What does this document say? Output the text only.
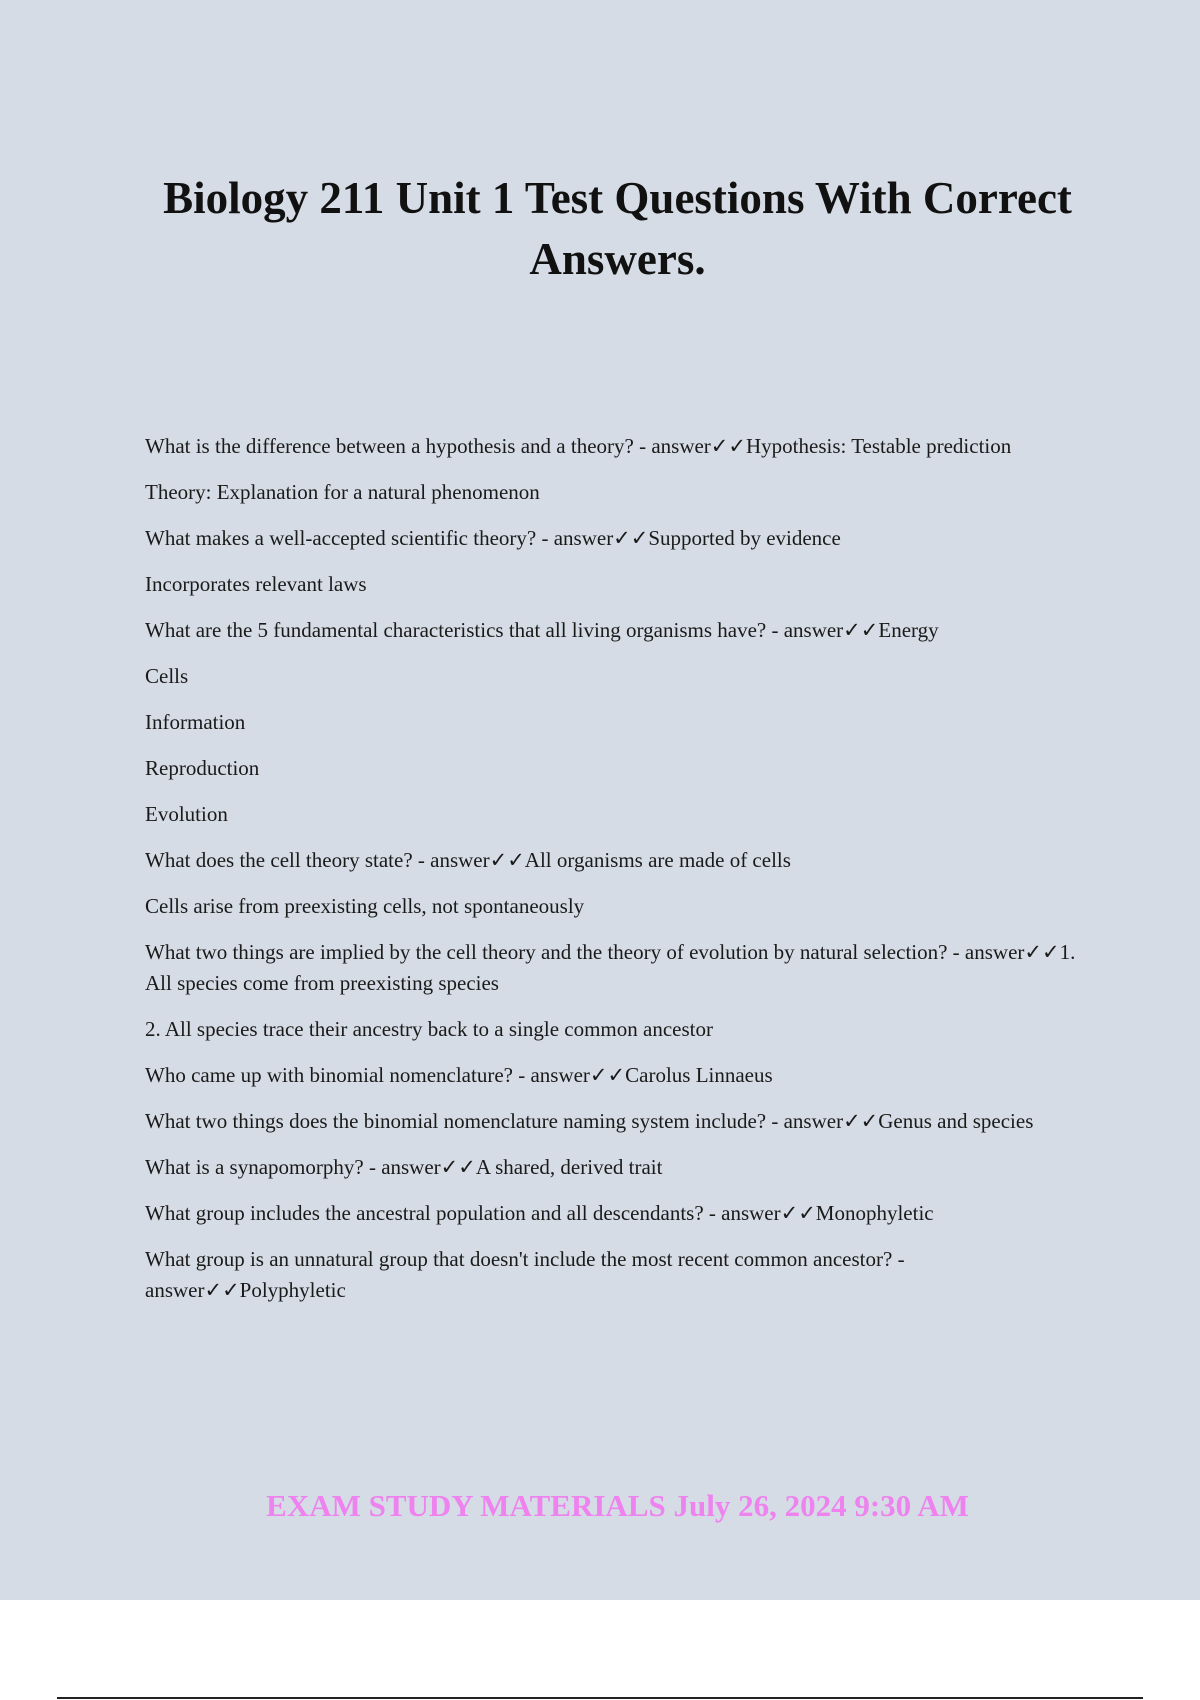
Biology 211 Unit 1 Test Questions With Correct Answers.
What is the difference between a hypothesis and a theory? - answer✓✓Hypothesis: Testable prediction
Theory: Explanation for a natural phenomenon
What makes a well-accepted scientific theory? - answer✓✓Supported by evidence
Incorporates relevant laws
What are the 5 fundamental characteristics that all living organisms have? - answer✓✓Energy
Cells
Information
Reproduction
Evolution
What does the cell theory state? - answer✓✓All organisms are made of cells
Cells arise from preexisting cells, not spontaneously
What two things are implied by the cell theory and the theory of evolution by natural selection? - answer✓✓1. All species come from preexisting species
2. All species trace their ancestry back to a single common ancestor
Who came up with binomial nomenclature? - answer✓✓Carolus Linnaeus
What two things does the binomial nomenclature naming system include? - answer✓✓Genus and species
What is a synapomorphy? - answer✓✓A shared, derived trait
What group includes the ancestral population and all descendants? - answer✓✓Monophyletic
What group is an unnatural group that doesn't include the most recent common ancestor? - answer✓✓Polyphyletic

EXAM STUDY MATERIALS July 26, 2024 9:30 AM
